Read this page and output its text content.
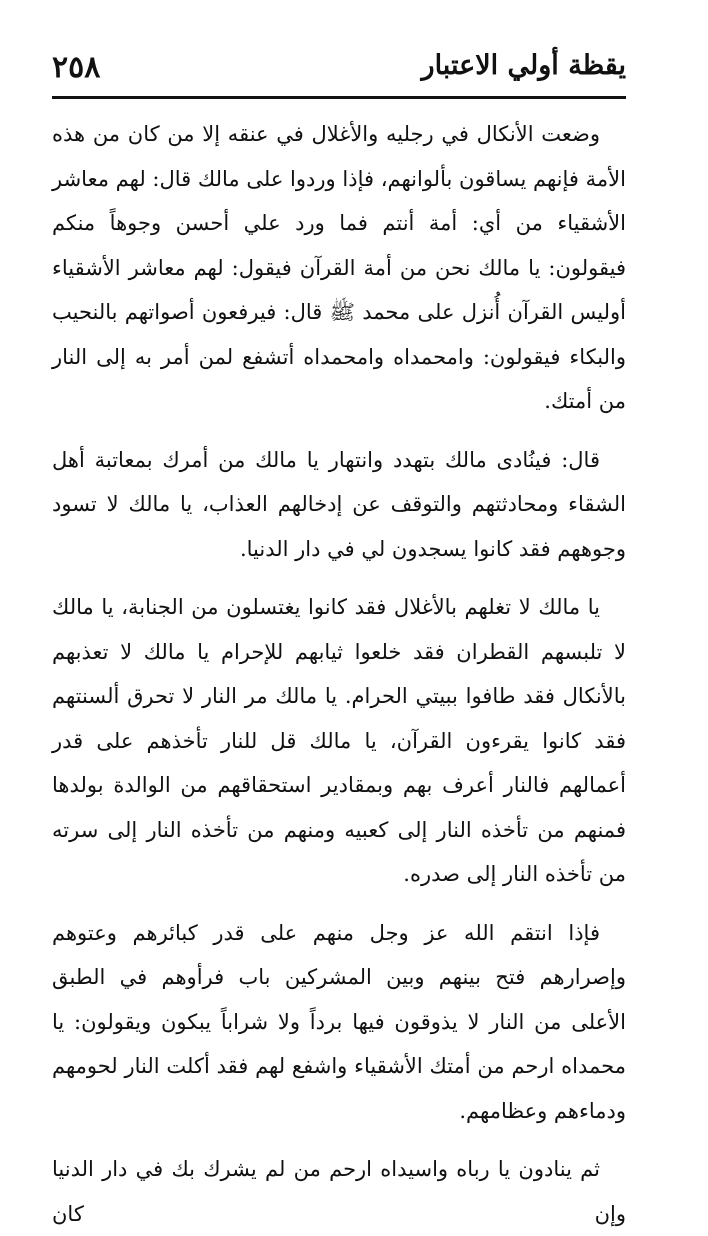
٢٥٨	يقظة أولي الاعتبار

وضعت الأنكال في رجليه والأغلال في عنقه إلا من كان من هذه الأمة فإنهم يساقون بألوانهم، فإذا وردوا على مالك قال: لهم معاشر الأشقياء من أي: أمة أنتم فما ورد علي أحسن وجوهاً منكم فيقولون: يا مالك نحن من أمة القرآن فيقول: لهم معاشر الأشقياء أوليس القرآن أُنزل على محمد ﷺ قال: فيرفعون أصواتهم بالنحيب والبكاء فيقولون: وامحمداه وامحمداه أتشفع لمن أمر به إلى النار من أمتك.

قال: فينُادى مالك بتهدد وانتهار يا مالك من أمرك بمعاتبة أهل الشقاء ومحادثتهم والتوقف عن إدخالهم العذاب، يا مالك لا تسود وجوههم فقد كانوا يسجدون لي في دار الدنيا.

يا مالك لا تغلهم بالأغلال فقد كانوا يغتسلون من الجنابة، يا مالك لا تلبسهم القطران فقد خلعوا ثيابهم للإحرام يا مالك لا تعذبهم بالأنكال فقد طافوا ببيتي الحرام. يا مالك مر النار لا تحرق ألسنتهم فقد كانوا يقرءون القرآن، يا مالك قل للنار تأخذهم على قدر أعمالهم فالنار أعرف بهم وبمقادير استحقاقهم من الوالدة بولدها فمنهم من تأخذه النار إلى كعبيه ومنهم من تأخذه النار إلى سرته من تأخذه النار إلى صدره.

فإذا انتقم الله عز وجل منهم على قدر كبائرهم وعتوهم وإصرارهم فتح بينهم وبين المشركين باب فرأوهم في الطبق الأعلى من النار لا يذوقون فيها برداً ولا شراباً يبكون ويقولون: يا محمداه ارحم من أمتك الأشقياء واشفع لهم فقد أكلت النار لحومهم ودماءهم وعظامهم.

ثم ينادون يا رباه واسيداه ارحم من لم يشرك بك في دار الدنيا وإن كان
